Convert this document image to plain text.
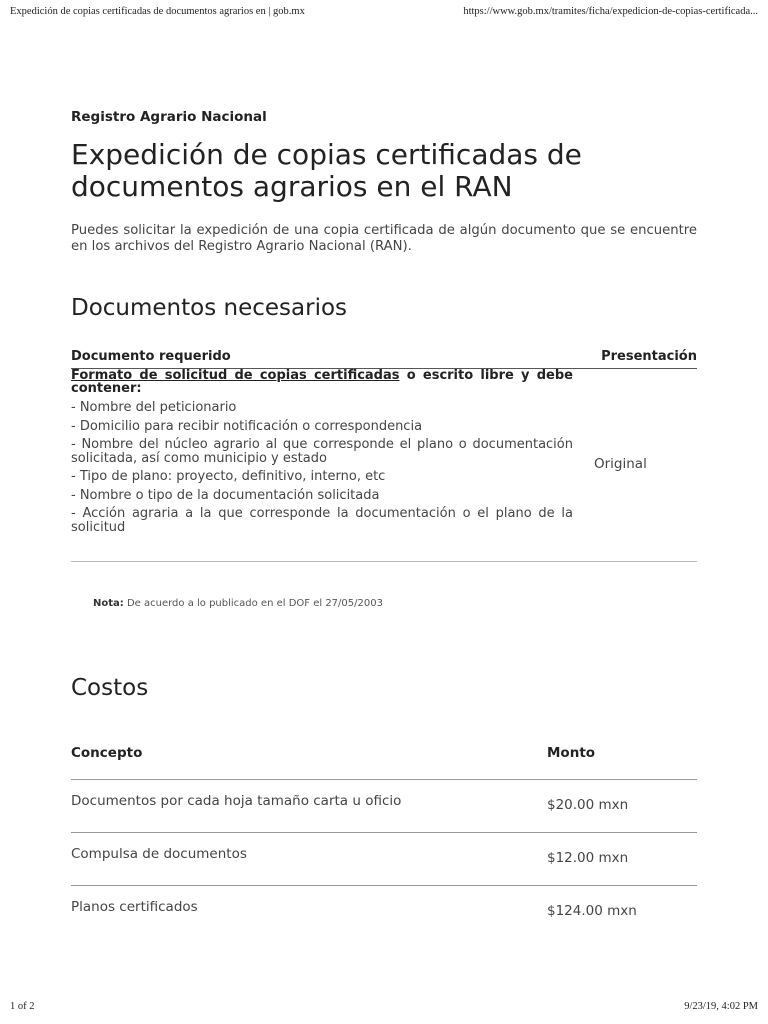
Expedición de copias certificadas de documentos agrarios en | gob.mx	https://www.gob.mx/tramites/ficha/expedicion-de-copias-certificada...
Registro Agrario Nacional
Expedición de copias certificadas de documentos agrarios en el RAN

Puedes solicitar la expedición de una copia certificada de algún documento que se encuentre en los archivos del Registro Agrario Nacional (RAN).

Documentos necesarios
Documento requerido	Presentación

Formato de solicitud de copias certificadas o escrito libre y debe contener:

- Nombre del peticionario
- Domicilio para recibir notificación o correspondencia
- Nombre del núcleo agrario al que corresponde el plano o documentación solicitada, así como municipio y estado
- Tipo de plano: proyecto, definitivo, interno, etc
- Nombre o tipo de la documentación solicitada
- Acción agraria a la que corresponde la documentación o el plano de la solicitud
Original
Nota: De acuerdo a lo publicado en el DOF el 27/05/2003
Costos
Concepto	Monto
Documentos por cada hoja tamaño carta u oficio	$20.00 mxn
Compulsa de documentos	$12.00 mxn
Planos certificados	$124.00 mxn
1 of 2	9/23/19, 4:02 PM
